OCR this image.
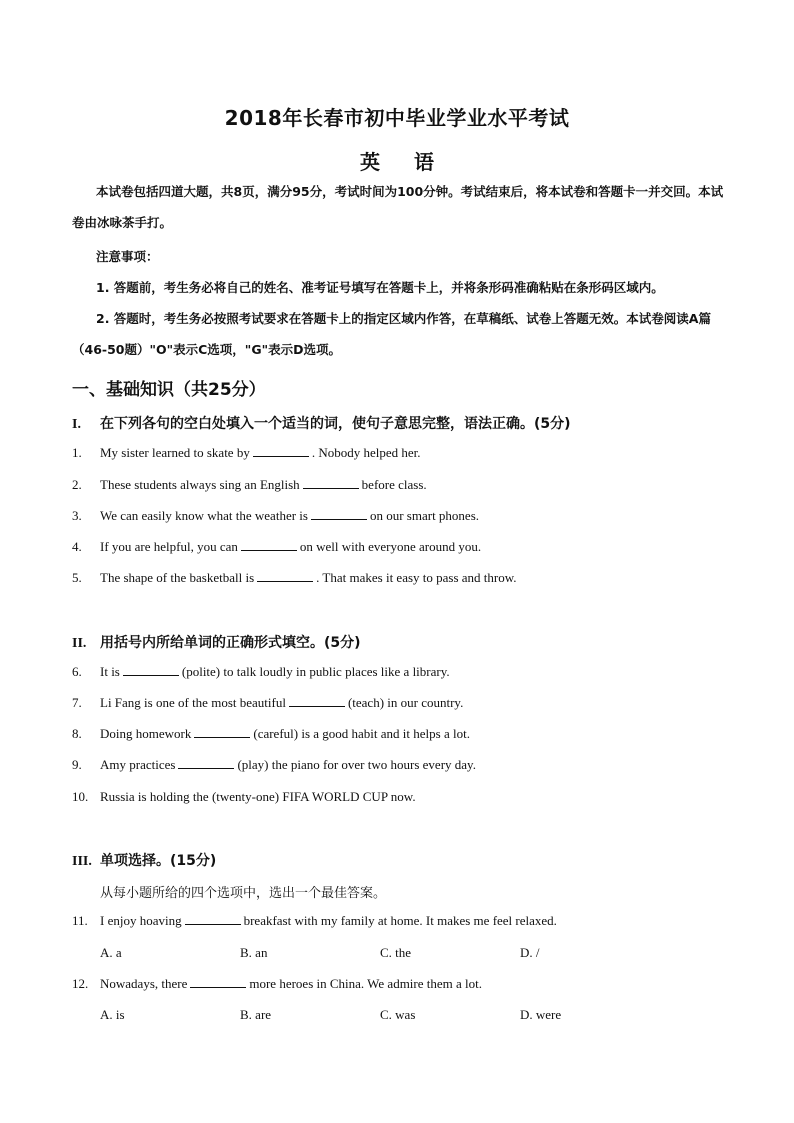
2018年长春市初中毕业学业水平考试
英 语

本试卷包括四道大题，共8页，满分95分，考试时间为100分钟。考试结束后，将本试卷和答题卡一并交回。本试卷由冰咏茶手打。

注意事项：

1. 答题前，考生务必将自己的姓名、准考证号填写在答题卡上，并将条形码准确粘贴在条形码区域内。

2. 答题时，考生务必按照考试要求在答题卡上的指定区域内作答，在草稿纸、试卷上答题无效。本试卷阅读A篇（46-50题）"O"表示C选项，"G"表示D选项。

一、基础知识（共25分）
I. 在下列各句的空白处填入一个适当的词，使句子意思完整，语法正确。(5分)
1. My sister learned to skate by	. Nobody helped her.
2. These students always sing an English	before class.
3. We can easily know what the weather is	on our smart phones.
4. If you are helpful, you can	on well with everyone around you.
5. The shape of the basketball is	. That makes it easy to pass and throw.
II. 用括号内所给单词的正确形式填空。(5分)
6. It is	(polite) to talk loudly in public places like a library.
7. Li Fang is one of the most beautiful	(teach) in our country.
8. Doing homework	(careful) is a good habit and it helps a lot.
9. Amy practices	(play) the piano for over two hours every day.
10. Russia is holding the (twenty-one) FIFA WORLD CUP now.
III. 单项选择。(15分)
从每小题所给的四个选项中，选出一个最佳答案。
11. I enjoy hoaving	breakfast with my family at home. It makes me feel relaxed.
A. a	B. an	C. the	D. /
12. Nowadays, there	more heroes in China. We admire them a lot.
A. is	B. are	C. was	D. were
